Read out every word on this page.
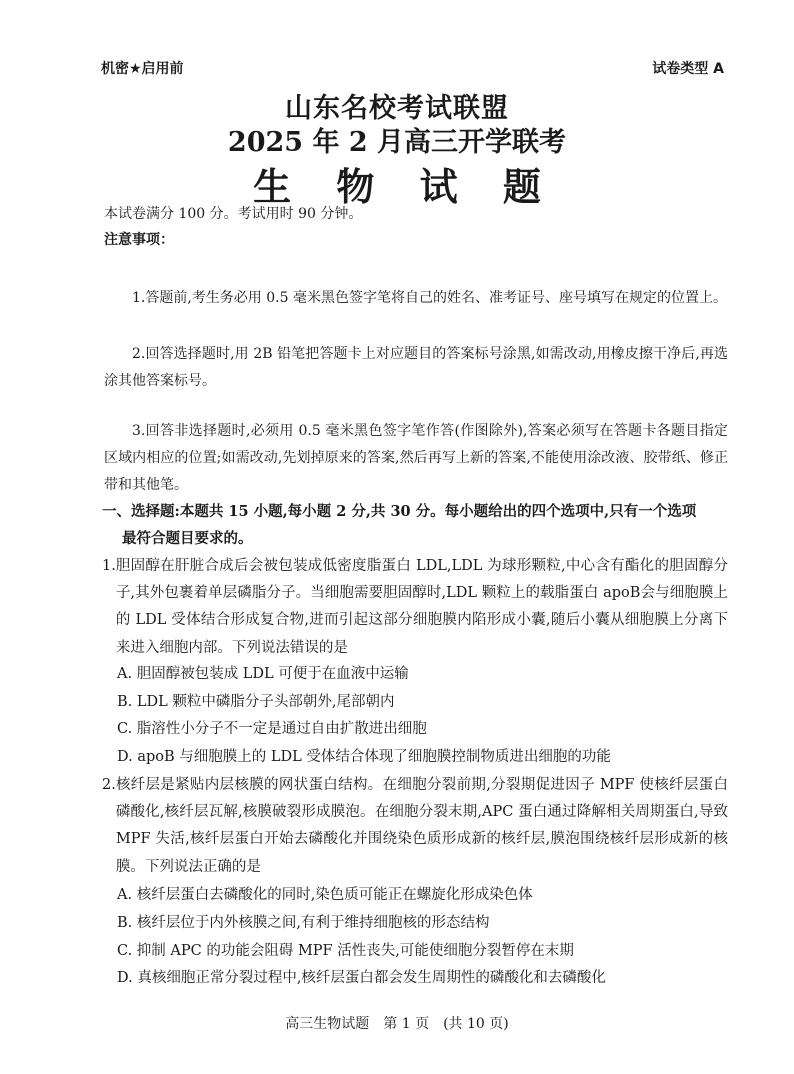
机密★启用前	试卷类型 A
山东名校考试联盟
2025 年 2 月高三开学联考
生 物 试 题
本试卷满分 100 分。考试用时 90 分钟。
注意事项：
1.答题前,考生务必用 0.5 毫米黑色签字笔将自己的姓名、准考证号、座号填写在规定的位置上。
2.回答选择题时,用 2B 铅笔把答题卡上对应题目的答案标号涂黑,如需改动,用橡皮擦干净后,再选涂其他答案标号。
3.回答非选择题时,必须用 0.5 毫米黑色签字笔作答(作图除外),答案必须写在答题卡各题目指定区域内相应的位置;如需改动,先划掉原来的答案,然后再写上新的答案,不能使用涂改液、胶带纸、修正带和其他笔。
一、选择题:本题共 15 小题,每小题 2 分,共 30 分。每小题给出的四个选项中,只有一个选项
最符合题目要求的。
1. 胆固醇在肝脏合成后会被包装成低密度脂蛋白 LDL,LDL 为球形颗粒,中心含有酯化的胆固醇分子,其外包裹着单层磷脂分子。当细胞需要胆固醇时,LDL 颗粒上的载脂蛋白 apoB会与细胞膜上的 LDL 受体结合形成复合物,进而引起这部分细胞膜内陷形成小囊,随后小囊从细胞膜上分离下来进入细胞内部。下列说法错误的是
A. 胆固醇被包装成 LDL 可便于在血液中运输
B. LDL 颗粒中磷脂分子头部朝外,尾部朝内
C. 脂溶性小分子不一定是通过自由扩散进出细胞
D. apoB 与细胞膜上的 LDL 受体结合体现了细胞膜控制物质进出细胞的功能
2. 核纤层是紧贴内层核膜的网状蛋白结构。在细胞分裂前期,分裂期促进因子 MPF 使核纤层蛋白磷酸化,核纤层瓦解,核膜破裂形成膜泡。在细胞分裂末期,APC 蛋白通过降解相关周期蛋白,导致 MPF 失活,核纤层蛋白开始去磷酸化并围绕染色质形成新的核纤层,膜泡围绕核纤层形成新的核膜。下列说法正确的是
A. 核纤层蛋白去磷酸化的同时,染色质可能正在螺旋化形成染色体
B. 核纤层位于内外核膜之间,有利于维持细胞核的形态结构
C. 抑制 APC 的功能会阻碍 MPF 活性丧失,可能使细胞分裂暂停在末期
D. 真核细胞正常分裂过程中,核纤层蛋白都会发生周期性的磷酸化和去磷酸化
高三生物试题　第 1 页　(共 10 页)
